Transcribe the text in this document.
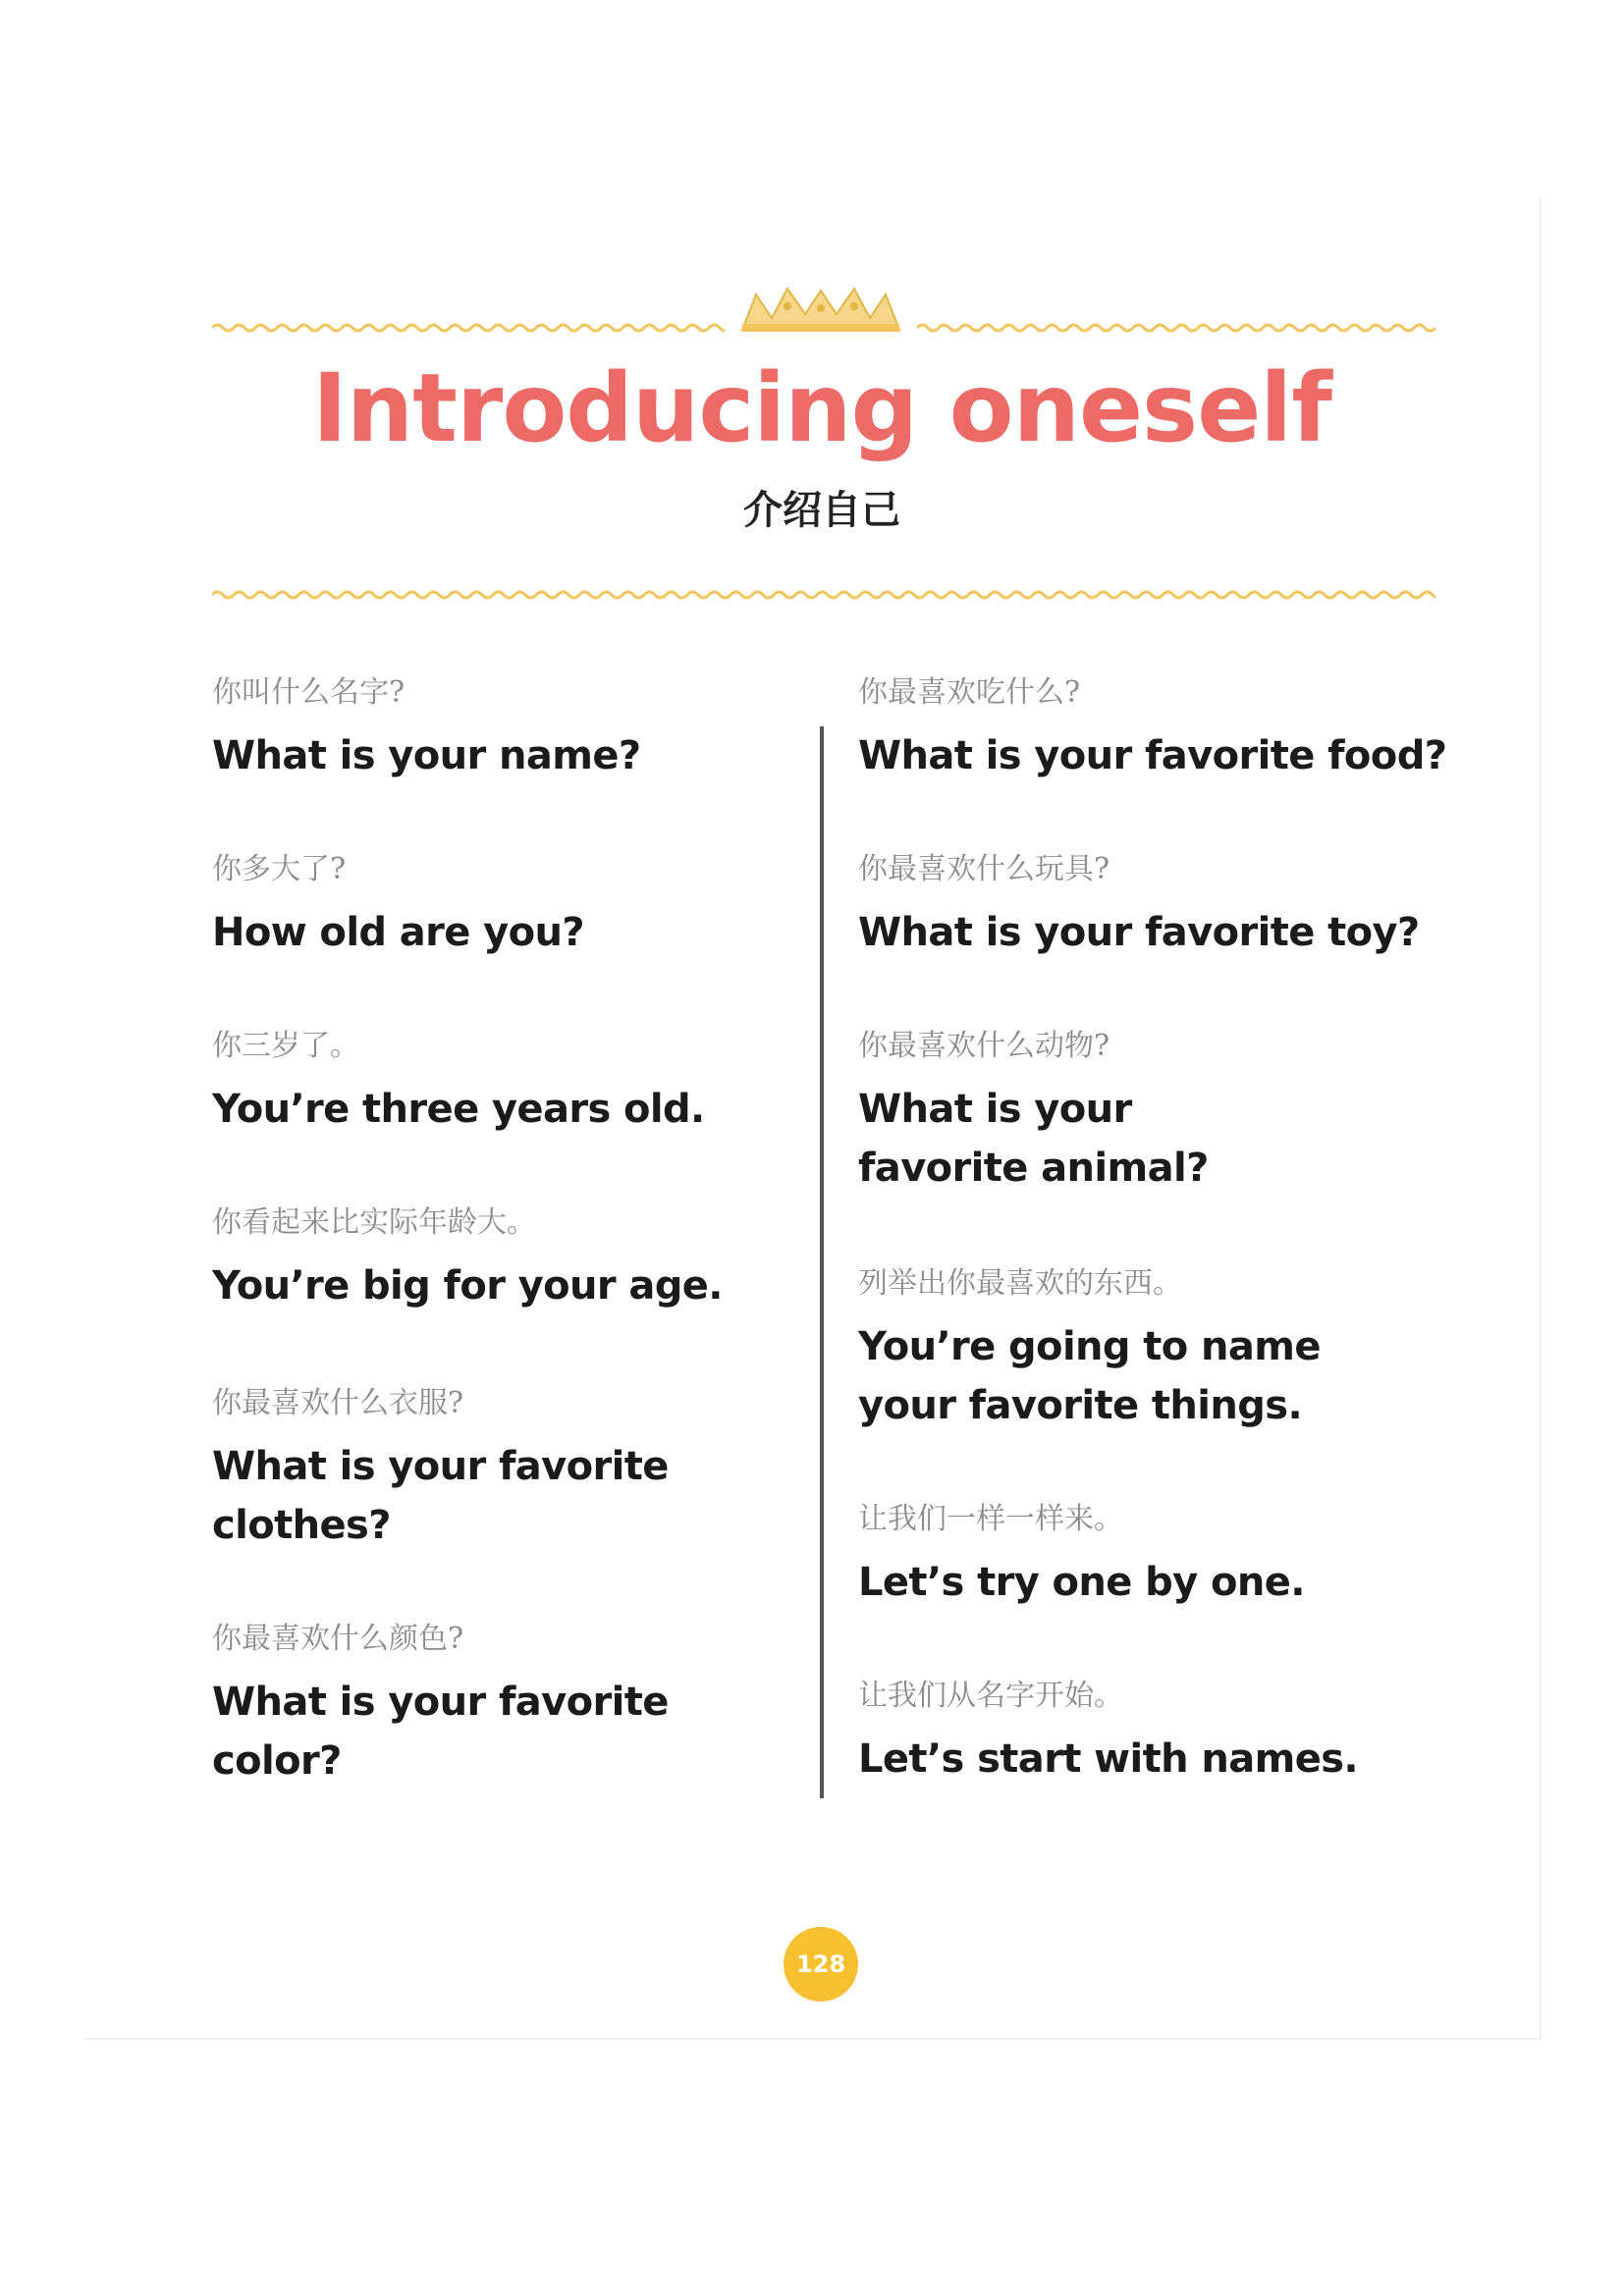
Introducing oneself
介绍自己
你叫什么名字?
What is your name?
你多大了?
How old are you?
你三岁了。
You’re three years old.
你看起来比实际年龄大。
You’re big for your age.
你最喜欢什么衣服?
What is your favorite clothes?
你最喜欢什么颜色?
What is your favorite color?
你最喜欢吃什么?
What is your favorite food?
你最喜欢什么玩具?
What is your favorite toy?
你最喜欢什么动物?
What is your favorite animal?
列举出你最喜欢的东西。
You’re going to name your favorite things.
让我们一样一样来。
Let’s try one by one.
让我们从名字开始。
Let’s start with names.
128
